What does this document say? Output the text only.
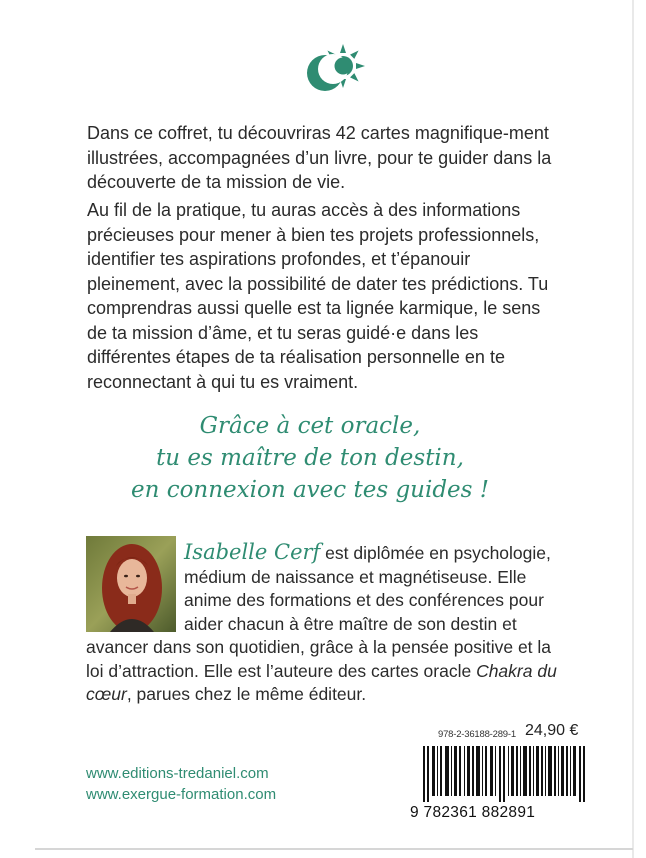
Dans ce coffret, tu découvriras 42 cartes magnifique-ment illustrées, accompagnées d’un livre, pour te guider dans la découverte de ta mission de vie.

Au fil de la pratique, tu auras accès à des informations précieuses pour mener à bien tes projets professionnels, identifier tes aspirations profondes, et t’épanouir pleinement, avec la possibilité de dater tes prédictions. Tu comprendras aussi quelle est ta lignée karmique, le sens de ta mission d’âme, et tu seras guidé·e dans les différentes étapes de ta réalisation personnelle en te reconnectant à qui tu es vraiment.

Grâce à cet oracle,
tu es maître de ton destin,
en connexion avec tes guides !

Isabelle Cerf est diplômée en psychologie, médium de naissance et magnétiseuse. Elle anime des formations et des conférences pour aider chacun à être maître de son destin et avancer dans son quotidien, grâce à la pensée positive et la loi d’attraction. Elle est l’auteure des cartes oracle Chakra du cœur, parues chez le même éditeur.

978-2-36188-289-1 24,90 €
9 782361 882891
www.editions-tredaniel.com
www.exergue-formation.com
